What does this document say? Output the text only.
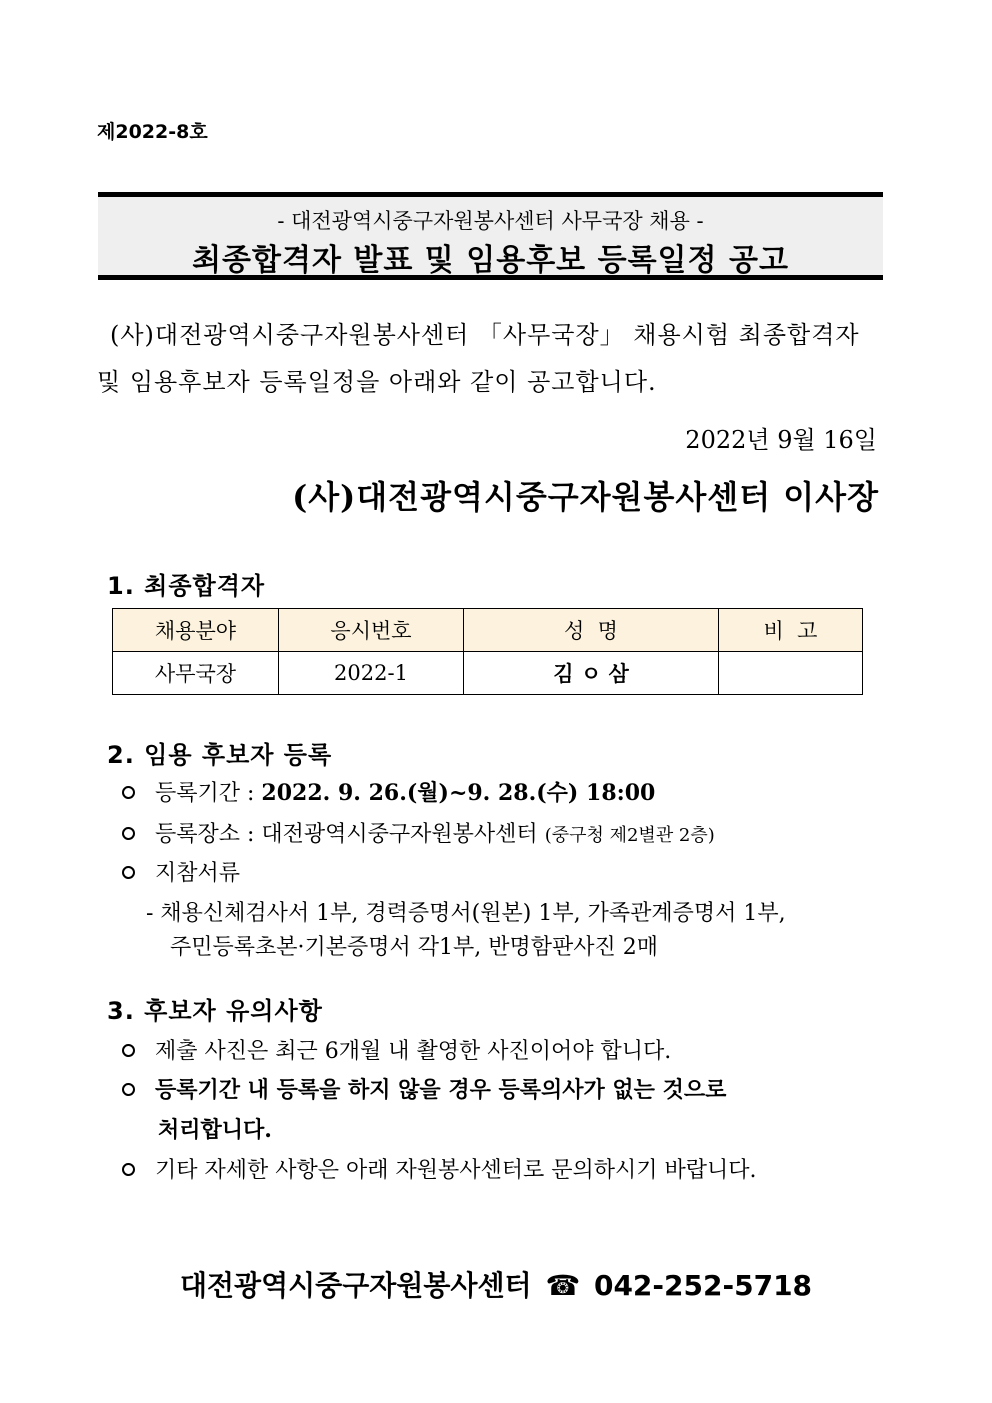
제2022-8호
- 대전광역시중구자원봉사센터 사무국장 채용 -
최종합격자 발표 및 임용후보 등록일정 공고
(사)대전광역시중구자원봉사센터 「사무국장」 채용시험 최종합격자
및 임용후보자 등록일정을 아래와 같이 공고합니다.
2022년 9월 16일
(사)대전광역시중구자원봉사센터 이사장
1. 최종합격자
채용분야	응시번호	성  명	비  고
사무국장	2022-1	김 ㅇ 삼	
2. 임용 후보자 등록
등록기간 : 2022. 9. 26.(월)~9. 28.(수) 18:00
등록장소 : 대전광역시중구자원봉사센터 (중구청 제2별관 2층)
지참서류
- 채용신체검사서 1부, 경력증명서(원본) 1부, 가족관계증명서 1부,
주민등록초본·기본증명서 각1부, 반명함판사진 2매
3. 후보자 유의사항
제출 사진은 최근 6개월 내 촬영한 사진이어야 합니다.
등록기간 내 등록을 하지 않을 경우 등록의사가 없는 것으로
처리합니다.
기타 자세한 사항은 아래 자원봉사센터로 문의하시기 바랍니다.
대전광역시중구자원봉사센터 ☎ 042-252-5718
